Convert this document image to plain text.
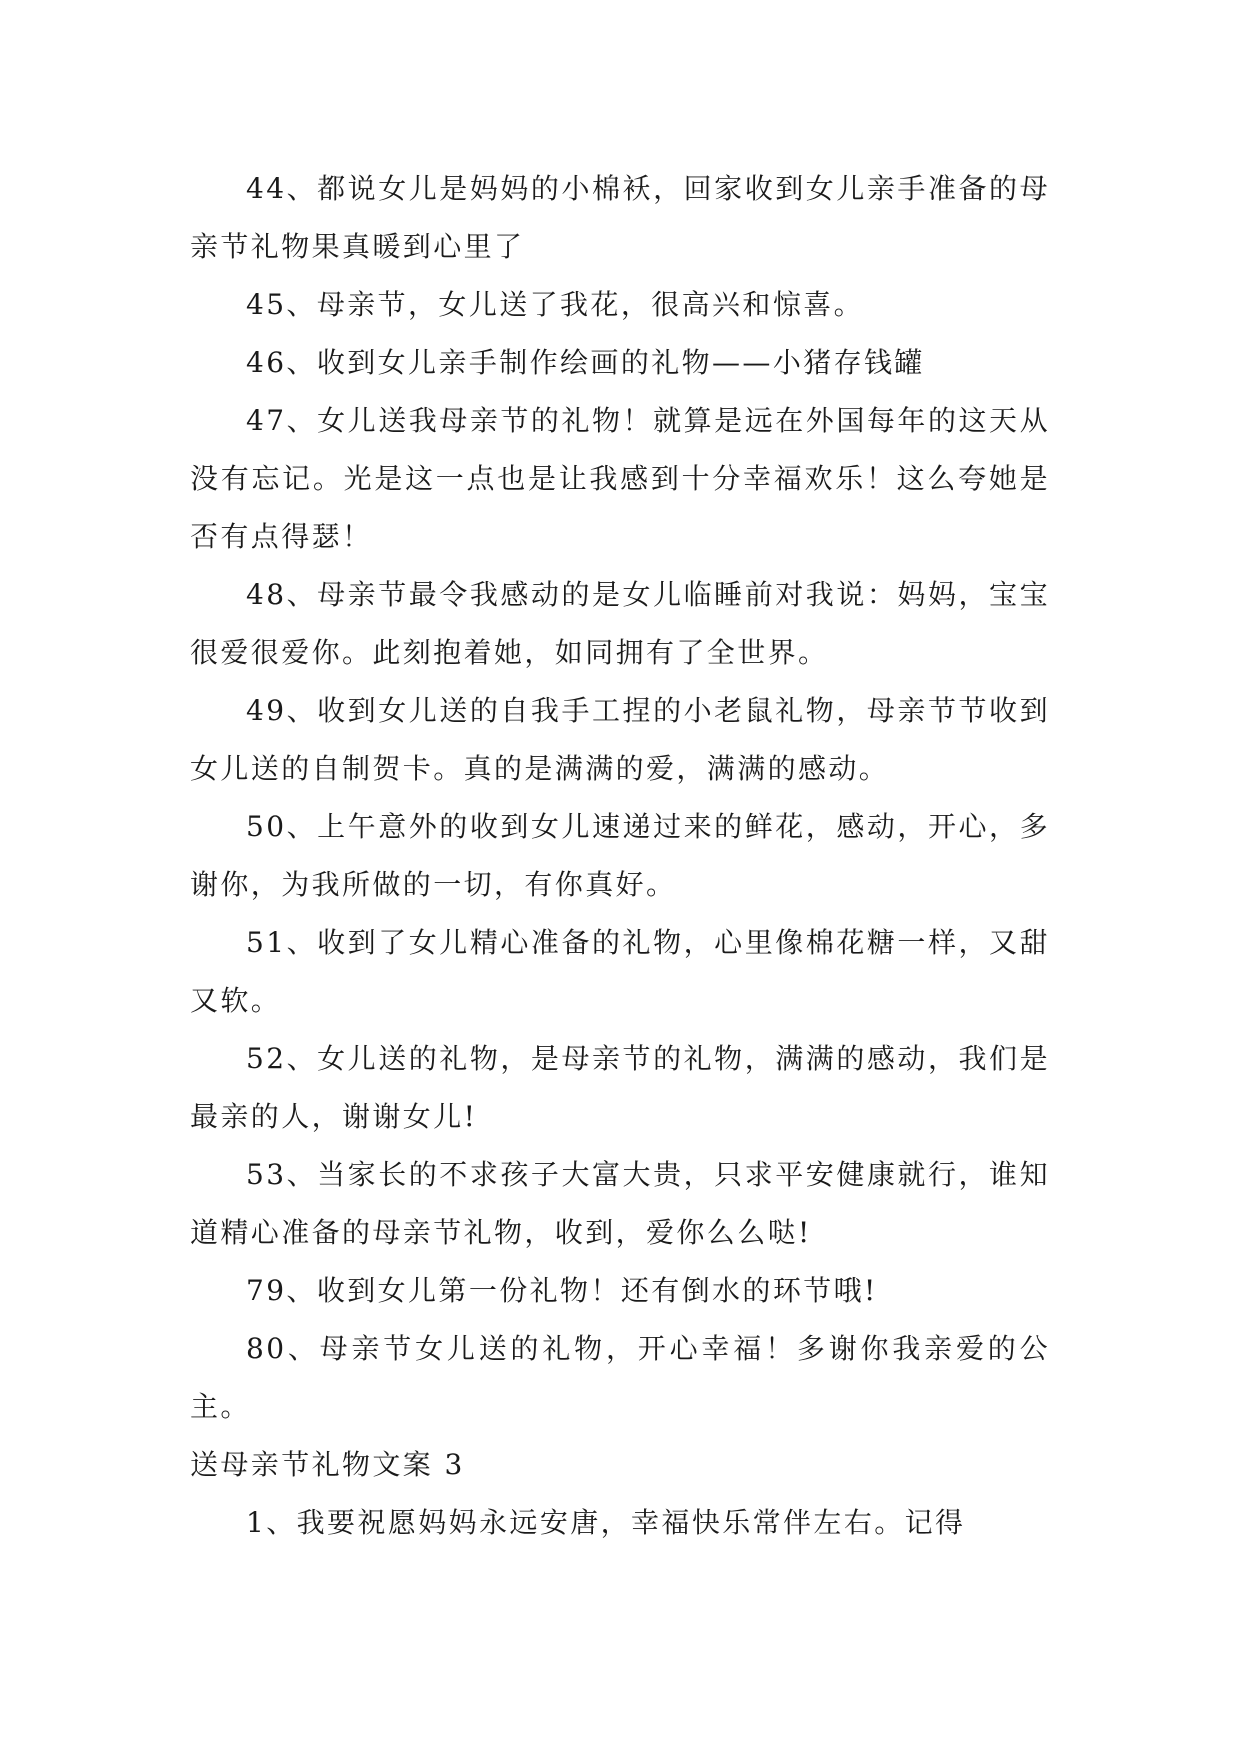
44、都说女儿是妈妈的小棉袄，回家收到女儿亲手准备的母亲节礼物果真暖到心里了

45、母亲节，女儿送了我花，很高兴和惊喜。

46、收到女儿亲手制作绘画的礼物——小猪存钱罐

47、女儿送我母亲节的礼物！就算是远在外国每年的这天从没有忘记。光是这一点也是让我感到十分幸福欢乐！这么夸她是否有点得瑟！

48、母亲节最令我感动的是女儿临睡前对我说：妈妈，宝宝很爱很爱你。此刻抱着她，如同拥有了全世界。

49、收到女儿送的自我手工捏的小老鼠礼物，母亲节节收到女儿送的自制贺卡。真的是满满的爱，满满的感动。

50、上午意外的收到女儿速递过来的鲜花，感动，开心，多谢你，为我所做的一切，有你真好。

51、收到了女儿精心准备的礼物，心里像棉花糖一样，又甜又软。

52、女儿送的礼物，是母亲节的礼物，满满的感动，我们是最亲的人，谢谢女儿!

53、当家长的不求孩子大富大贵，只求平安健康就行，谁知道精心准备的母亲节礼物，收到，爱你么么哒!

79、收到女儿第一份礼物！还有倒水的环节哦!

80、母亲节女儿送的礼物，开心幸福！多谢你我亲爱的公主。

送母亲节礼物文案 3

1、我要祝愿妈妈永远安唐，幸福快乐常伴左右。记得
